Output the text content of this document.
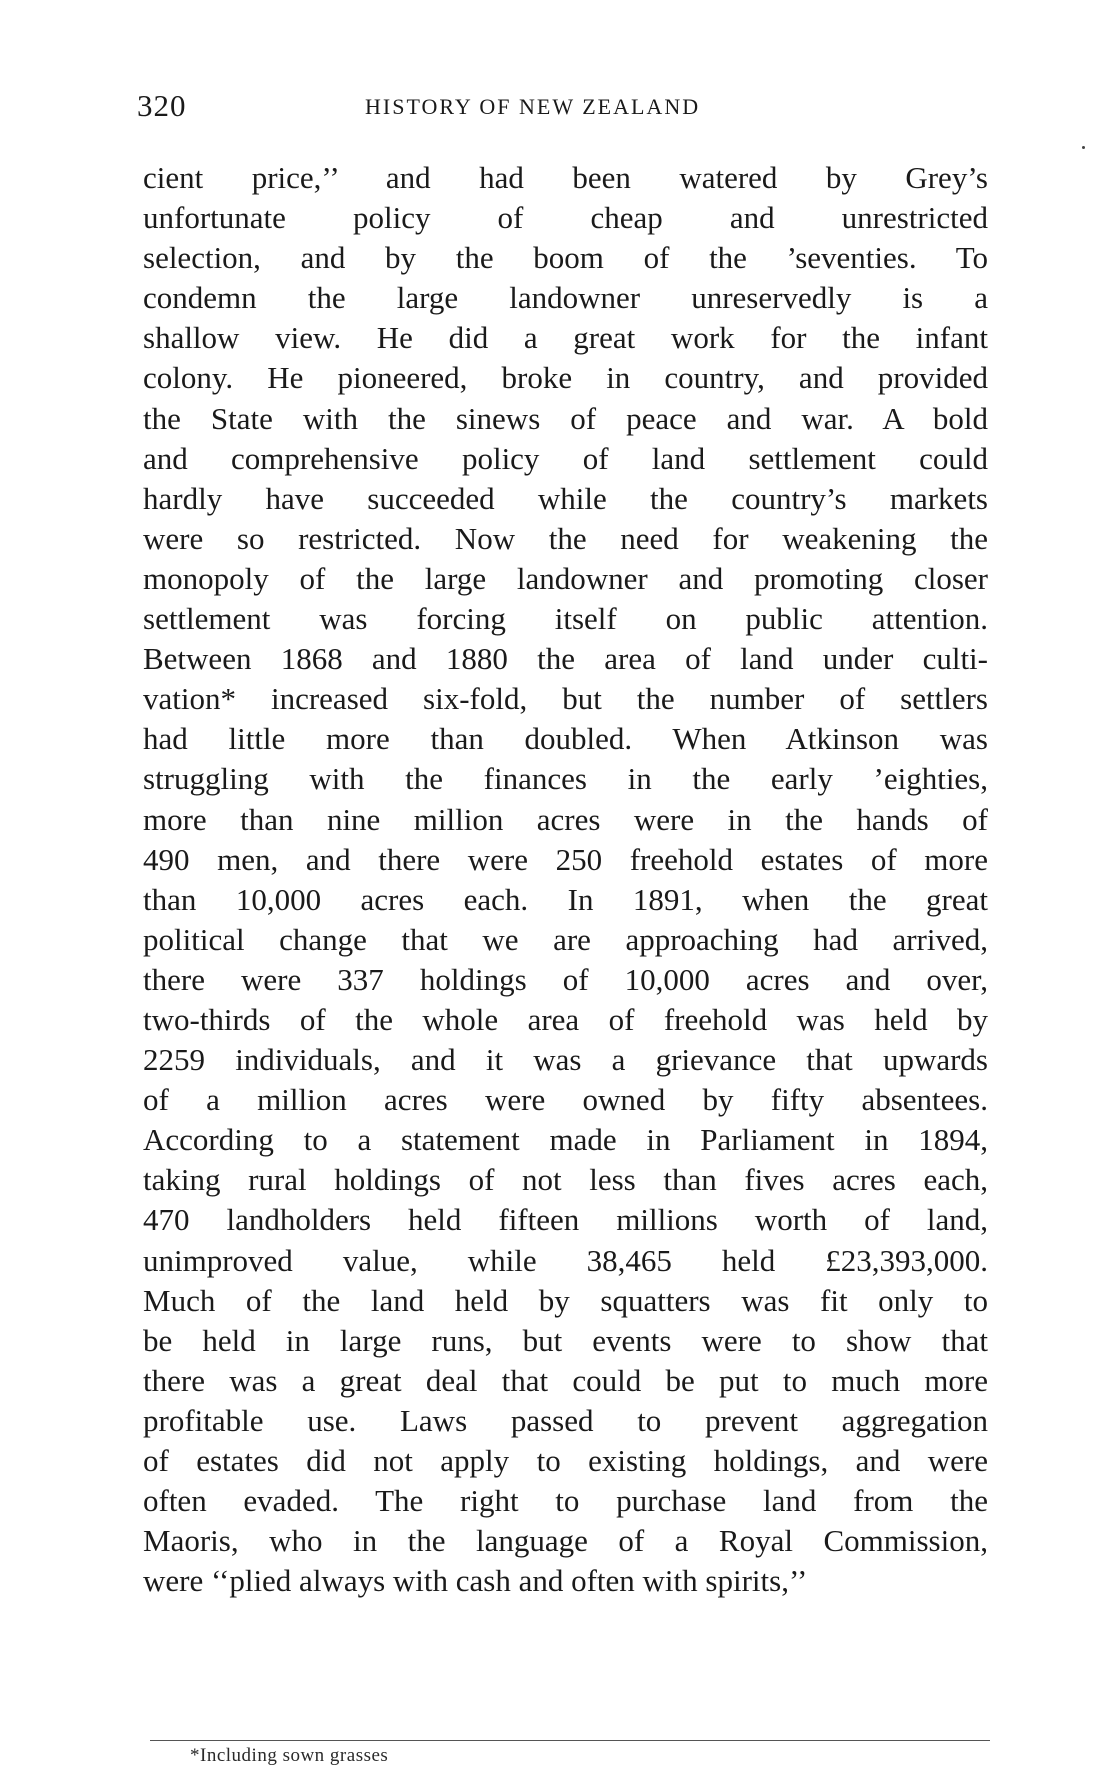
320	HISTORY OF NEW ZEALAND
cient price,’’ and had been watered by Grey’s
unfortunate policy of cheap and unrestricted
selection, and by the boom of the ’seventies. To
condemn the large landowner unreservedly is a
shallow view. He did a great work for the infant
colony. He pioneered, broke in country, and provided
the State with the sinews of peace and war. A bold
and comprehensive policy of land settlement could
hardly have succeeded while the country’s markets
were so restricted. Now the need for weakening the
monopoly of the large landowner and promoting closer
settlement was forcing itself on public attention.
Between 1868 and 1880 the area of land under culti-
vation* increased six-fold, but the number of settlers
had little more than doubled. When Atkinson was
struggling with the finances in the early ’eighties,
more than nine million acres were in the hands of
490 men, and there were 250 freehold estates of more
than 10,000 acres each. In 1891, when the great
political change that we are approaching had arrived,
there were 337 holdings of 10,000 acres and over,
two-thirds of the whole area of freehold was held by
2259 individuals, and it was a grievance that upwards
of a million acres were owned by fifty absentees.
According to a statement made in Parliament in 1894,
taking rural holdings of not less than fives acres each,
470 landholders held fifteen millions worth of land,
unimproved value, while 38,465 held £23,393,000.
Much of the land held by squatters was fit only to
be held in large runs, but events were to show that
there was a great deal that could be put to much more
profitable use. Laws passed to prevent aggregation
of estates did not apply to existing holdings, and were
often evaded. The right to purchase land from the
Maoris, who in the language of a Royal Commission,
were ‘‘plied always with cash and often with spirits,’’
*Including sown grasses
